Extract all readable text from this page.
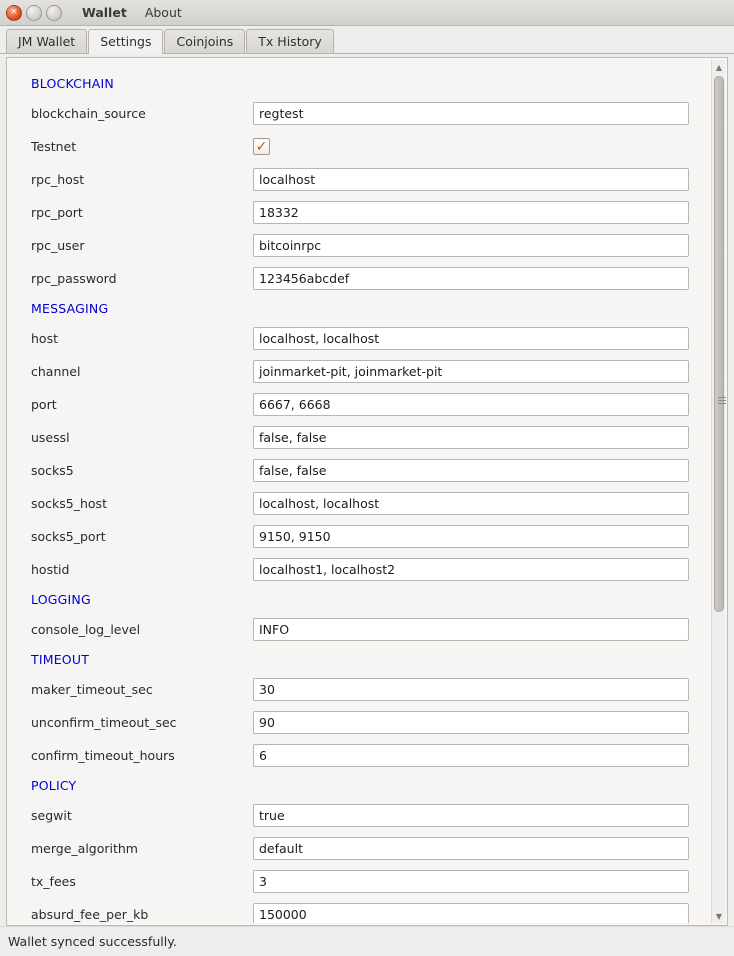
×	Wallet About
JM Wallet	Settings	Coinjoins	Tx History
BLOCKCHAIN
blockchain_source	regtest
Testnet	✓
rpc_host	localhost
rpc_port	18332
rpc_user	bitcoinrpc
rpc_password	123456abcdef
MESSAGING
host	localhost, localhost
channel	joinmarket-pit, joinmarket-pit
port	6667, 6668
usessl	false, false
socks5	false, false
socks5_host	localhost, localhost
socks5_port	9150, 9150
hostid	localhost1, localhost2
LOGGING
console_log_level	INFO
TIMEOUT
maker_timeout_sec	30
unconfirm_timeout_sec	90
confirm_timeout_hours	6
POLICY
segwit	true
merge_algorithm	default
tx_fees	3
absurd_fee_per_kb	150000
▲
▼
Wallet synced successfully.
